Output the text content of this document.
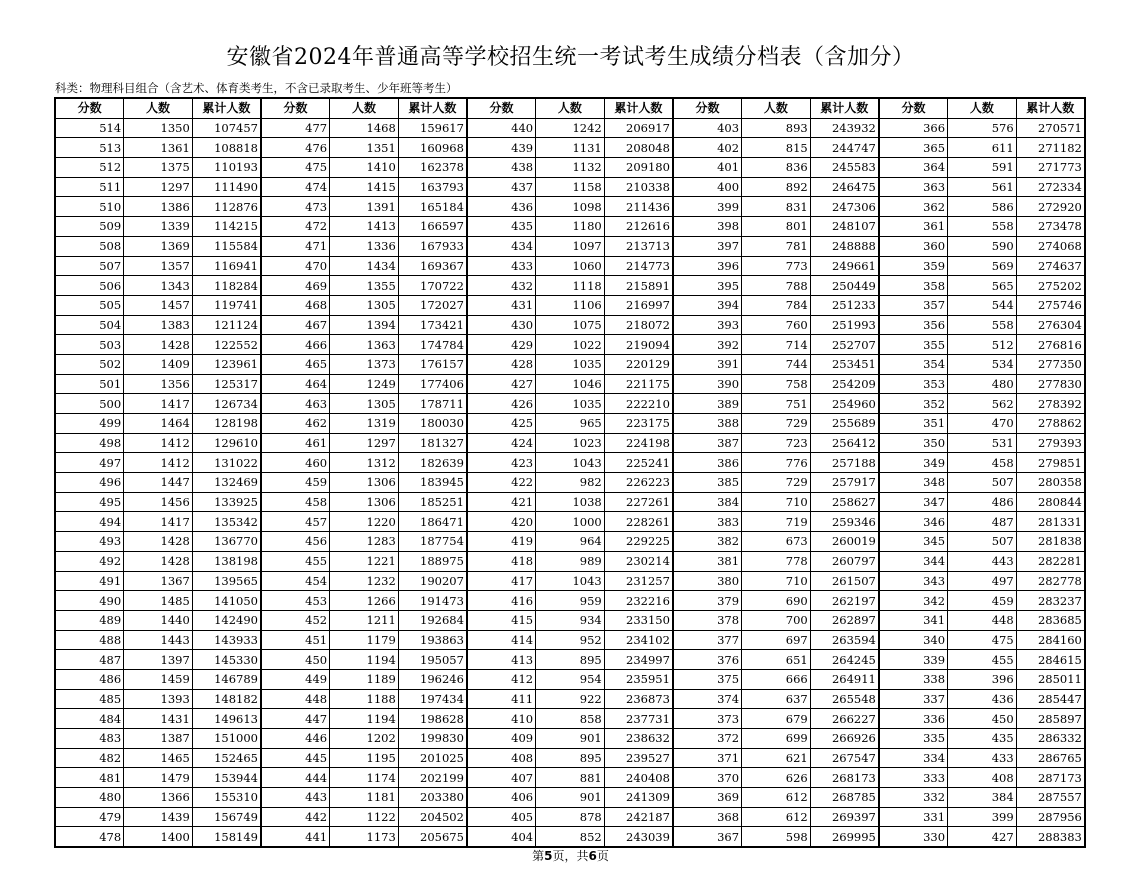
安徽省2024年普通高等学校招生统一考试考生成绩分档表（含加分）
科类：物理科目组合（含艺术、体育类考生，不含已录取考生、少年班等考生）
分数	人数	累计人数	分数	人数	累计人数	分数	人数	累计人数	分数	人数	累计人数	分数	人数	累计人数
514	1350	107457	477	1468	159617	440	1242	206917	403	893	243932	366	576	270571
513	1361	108818	476	1351	160968	439	1131	208048	402	815	244747	365	611	271182
512	1375	110193	475	1410	162378	438	1132	209180	401	836	245583	364	591	271773
511	1297	111490	474	1415	163793	437	1158	210338	400	892	246475	363	561	272334
510	1386	112876	473	1391	165184	436	1098	211436	399	831	247306	362	586	272920
509	1339	114215	472	1413	166597	435	1180	212616	398	801	248107	361	558	273478
508	1369	115584	471	1336	167933	434	1097	213713	397	781	248888	360	590	274068
507	1357	116941	470	1434	169367	433	1060	214773	396	773	249661	359	569	274637
506	1343	118284	469	1355	170722	432	1118	215891	395	788	250449	358	565	275202
505	1457	119741	468	1305	172027	431	1106	216997	394	784	251233	357	544	275746
504	1383	121124	467	1394	173421	430	1075	218072	393	760	251993	356	558	276304
503	1428	122552	466	1363	174784	429	1022	219094	392	714	252707	355	512	276816
502	1409	123961	465	1373	176157	428	1035	220129	391	744	253451	354	534	277350
501	1356	125317	464	1249	177406	427	1046	221175	390	758	254209	353	480	277830
500	1417	126734	463	1305	178711	426	1035	222210	389	751	254960	352	562	278392
499	1464	128198	462	1319	180030	425	965	223175	388	729	255689	351	470	278862
498	1412	129610	461	1297	181327	424	1023	224198	387	723	256412	350	531	279393
497	1412	131022	460	1312	182639	423	1043	225241	386	776	257188	349	458	279851
496	1447	132469	459	1306	183945	422	982	226223	385	729	257917	348	507	280358
495	1456	133925	458	1306	185251	421	1038	227261	384	710	258627	347	486	280844
494	1417	135342	457	1220	186471	420	1000	228261	383	719	259346	346	487	281331
493	1428	136770	456	1283	187754	419	964	229225	382	673	260019	345	507	281838
492	1428	138198	455	1221	188975	418	989	230214	381	778	260797	344	443	282281
491	1367	139565	454	1232	190207	417	1043	231257	380	710	261507	343	497	282778
490	1485	141050	453	1266	191473	416	959	232216	379	690	262197	342	459	283237
489	1440	142490	452	1211	192684	415	934	233150	378	700	262897	341	448	283685
488	1443	143933	451	1179	193863	414	952	234102	377	697	263594	340	475	284160
487	1397	145330	450	1194	195057	413	895	234997	376	651	264245	339	455	284615
486	1459	146789	449	1189	196246	412	954	235951	375	666	264911	338	396	285011
485	1393	148182	448	1188	197434	411	922	236873	374	637	265548	337	436	285447
484	1431	149613	447	1194	198628	410	858	237731	373	679	266227	336	450	285897
483	1387	151000	446	1202	199830	409	901	238632	372	699	266926	335	435	286332
482	1465	152465	445	1195	201025	408	895	239527	371	621	267547	334	433	286765
481	1479	153944	444	1174	202199	407	881	240408	370	626	268173	333	408	287173
480	1366	155310	443	1181	203380	406	901	241309	369	612	268785	332	384	287557
479	1439	156749	442	1122	204502	405	878	242187	368	612	269397	331	399	287956
478	1400	158149	441	1173	205675	404	852	243039	367	598	269995	330	427	288383
第5页，共6页
